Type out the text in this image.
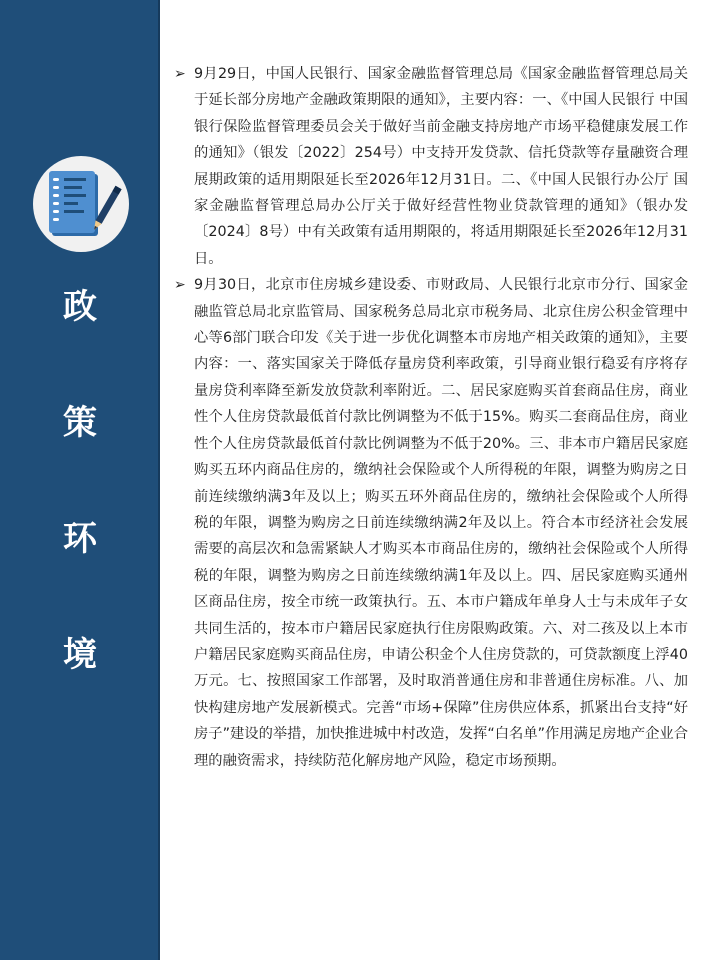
政
策
环
境
➢ 9月29日，中国人民银行、国家金融监督管理总局《国家金融监督管理总局关于延长部分房地产金融政策期限的通知》，主要内容：一、《中国人民银行 中国银行保险监督管理委员会关于做好当前金融支持房地产市场平稳健康发展工作的通知》（银发〔2022〕254号）中支持开发贷款、信托贷款等存量融资合理展期政策的适用期限延长至2026年12月31日。二、《中国人民银行办公厅 国家金融监督管理总局办公厅关于做好经营性物业贷款管理的通知》（银办发〔2024〕8号）中有关政策有适用期限的，将适用期限延长至2026年12月31日。
➢ 9月30日，北京市住房城乡建设委、市财政局、人民银行北京市分行、国家金融监管总局北京监管局、国家税务总局北京市税务局、北京住房公积金管理中心等6部门联合印发《关于进一步优化调整本市房地产相关政策的通知》，主要内容：一、落实国家关于降低存量房贷利率政策，引导商业银行稳妥有序将存量房贷利率降至新发放贷款利率附近。二、居民家庭购买首套商品住房，商业性个人住房贷款最低首付款比例调整为不低于15%。购买二套商品住房，商业性个人住房贷款最低首付款比例调整为不低于20%。三、非本市户籍居民家庭购买五环内商品住房的，缴纳社会保险或个人所得税的年限，调整为购房之日前连续缴纳满3年及以上；购买五环外商品住房的，缴纳社会保险或个人所得税的年限，调整为购房之日前连续缴纳满2年及以上。符合本市经济社会发展需要的高层次和急需紧缺人才购买本市商品住房的，缴纳社会保险或个人所得税的年限，调整为购房之日前连续缴纳满1年及以上。四、居民家庭购买通州区商品住房，按全市统一政策执行。五、本市户籍成年单身人士与未成年子女共同生活的，按本市户籍居民家庭执行住房限购政策。六、对二孩及以上本市户籍居民家庭购买商品住房，申请公积金个人住房贷款的，可贷款额度上浮40万元。七、按照国家工作部署，及时取消普通住房和非普通住房标准。八、加快构建房地产发展新模式。完善“市场+保障”住房供应体系，抓紧出台支持“好房子”建设的举措，加快推进城中村改造，发挥“白名单”作用满足房地产企业合理的融资需求，持续防范化解房地产风险，稳定市场预期。
